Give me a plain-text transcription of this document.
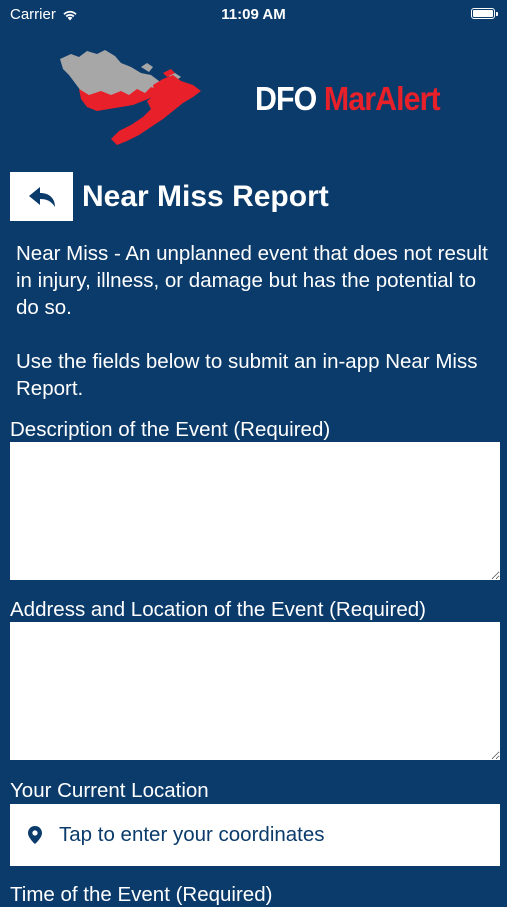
Carrier	11:09 AM
DFO MarAlert
Near Miss Report

Near Miss - An unplanned event that does not result in injury, illness, or damage but has the potential to do so.

Use the fields below to submit an in-app Near Miss Report.

Description of the Event (Required)
Address and Location of the Event (Required)
Your Current Location
Tap to enter your coordinates
Time of the Event (Required)
